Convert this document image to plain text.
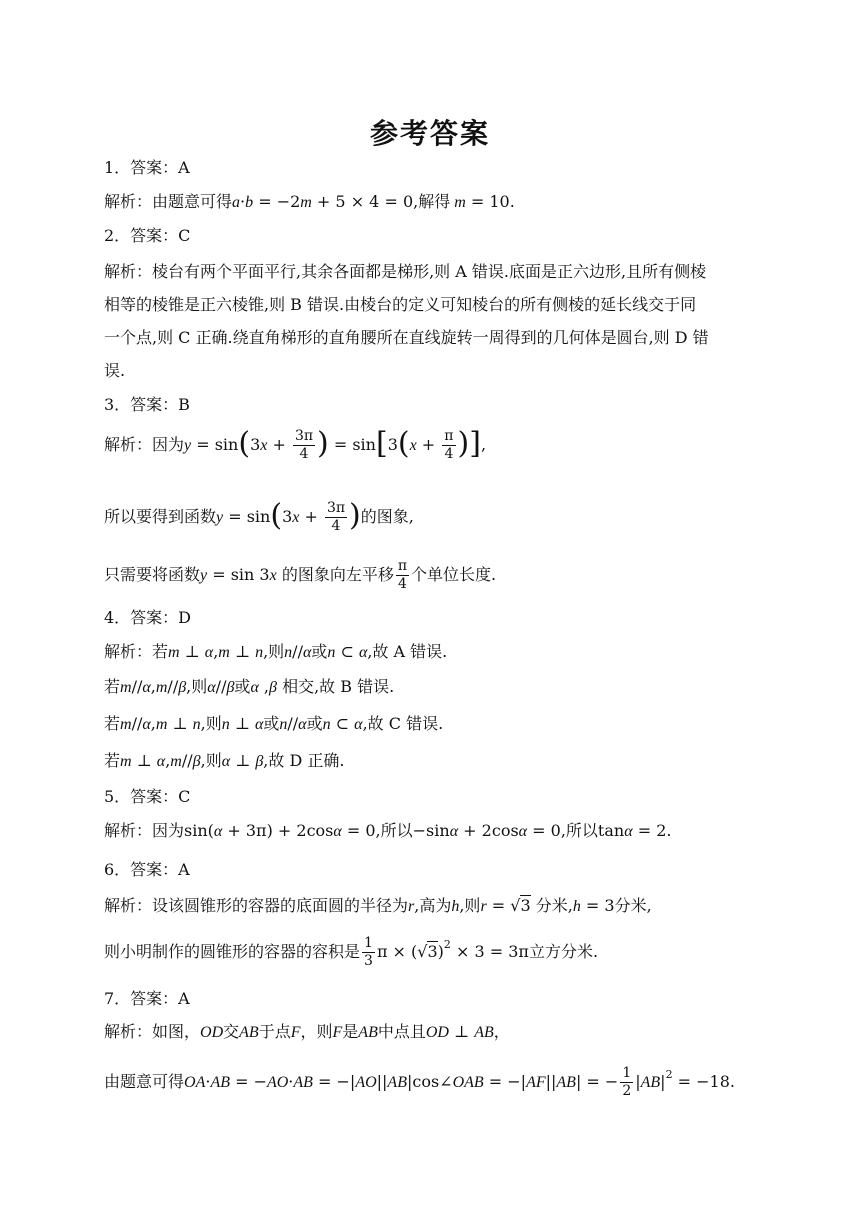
参考答案
1．答案：A
解析：由题意可得a·b = −2m + 5 × 4 = 0,解得 m = 10.
2．答案：C
解析：棱台有两个平面平行,其余各面都是梯形,则 A 错误.底面是正六边形,且所有侧棱
相等的棱锥是正六棱锥,则 B 错误.由棱台的定义可知棱台的所有侧棱的延长线交于同
一个点,则 C 正确.绕直角梯形的直角腰所在直线旋转一周得到的几何体是圆台,则 D 错
误.
3．答案：B
解析：因为$y = \sin(3x + \frac{3\pi}{4}$ ) = $\sin[3(x + \frac{\pi}{4}$ )],
所以要得到函数$y = \sin(3x + \frac{3\pi}{4}$ )的图象,
只需要将函数y = sin 3x 的图象向左平移 $\frac{\pi}{4}$ 个单位长度.
4．答案：D
解析：若m ⊥ α,m ⊥ n,则n//α或n ⊂ α,故 A 错误.
若m//α,m//β,则α//β或α ,β 相交,故 B 错误.
若m//α,m ⊥ n,则n ⊥ α或n//α或n ⊂ α,故 C 错误.
若m ⊥ α,m//β,则α ⊥ β,故 D 正确.
5．答案：C
解析：因为sin(α + 3π) + 2cosα = 0,所以−sinα + 2cosα = 0,所以tanα = 2.
6．答案：A
解析：设该圆锥形的容器的底面圆的半径为r,高为h,则r = √3 分米,h = 3分米,
则小明制作的圆锥形的容器的容积是 $\frac{1}{3}$ $\pi \times (√3)^2 \times 3 = 3\pi$立方分米.
7．答案：A
解析：如图，OD交AB于点F，则F是AB中点且OD ⊥ AB，
由题意可得OA·AB = −AO·AB = −|AO||AB|cos∠OAB = −|AF||AB| = − $\frac{1}{2} |AB|^2 = -18$.
